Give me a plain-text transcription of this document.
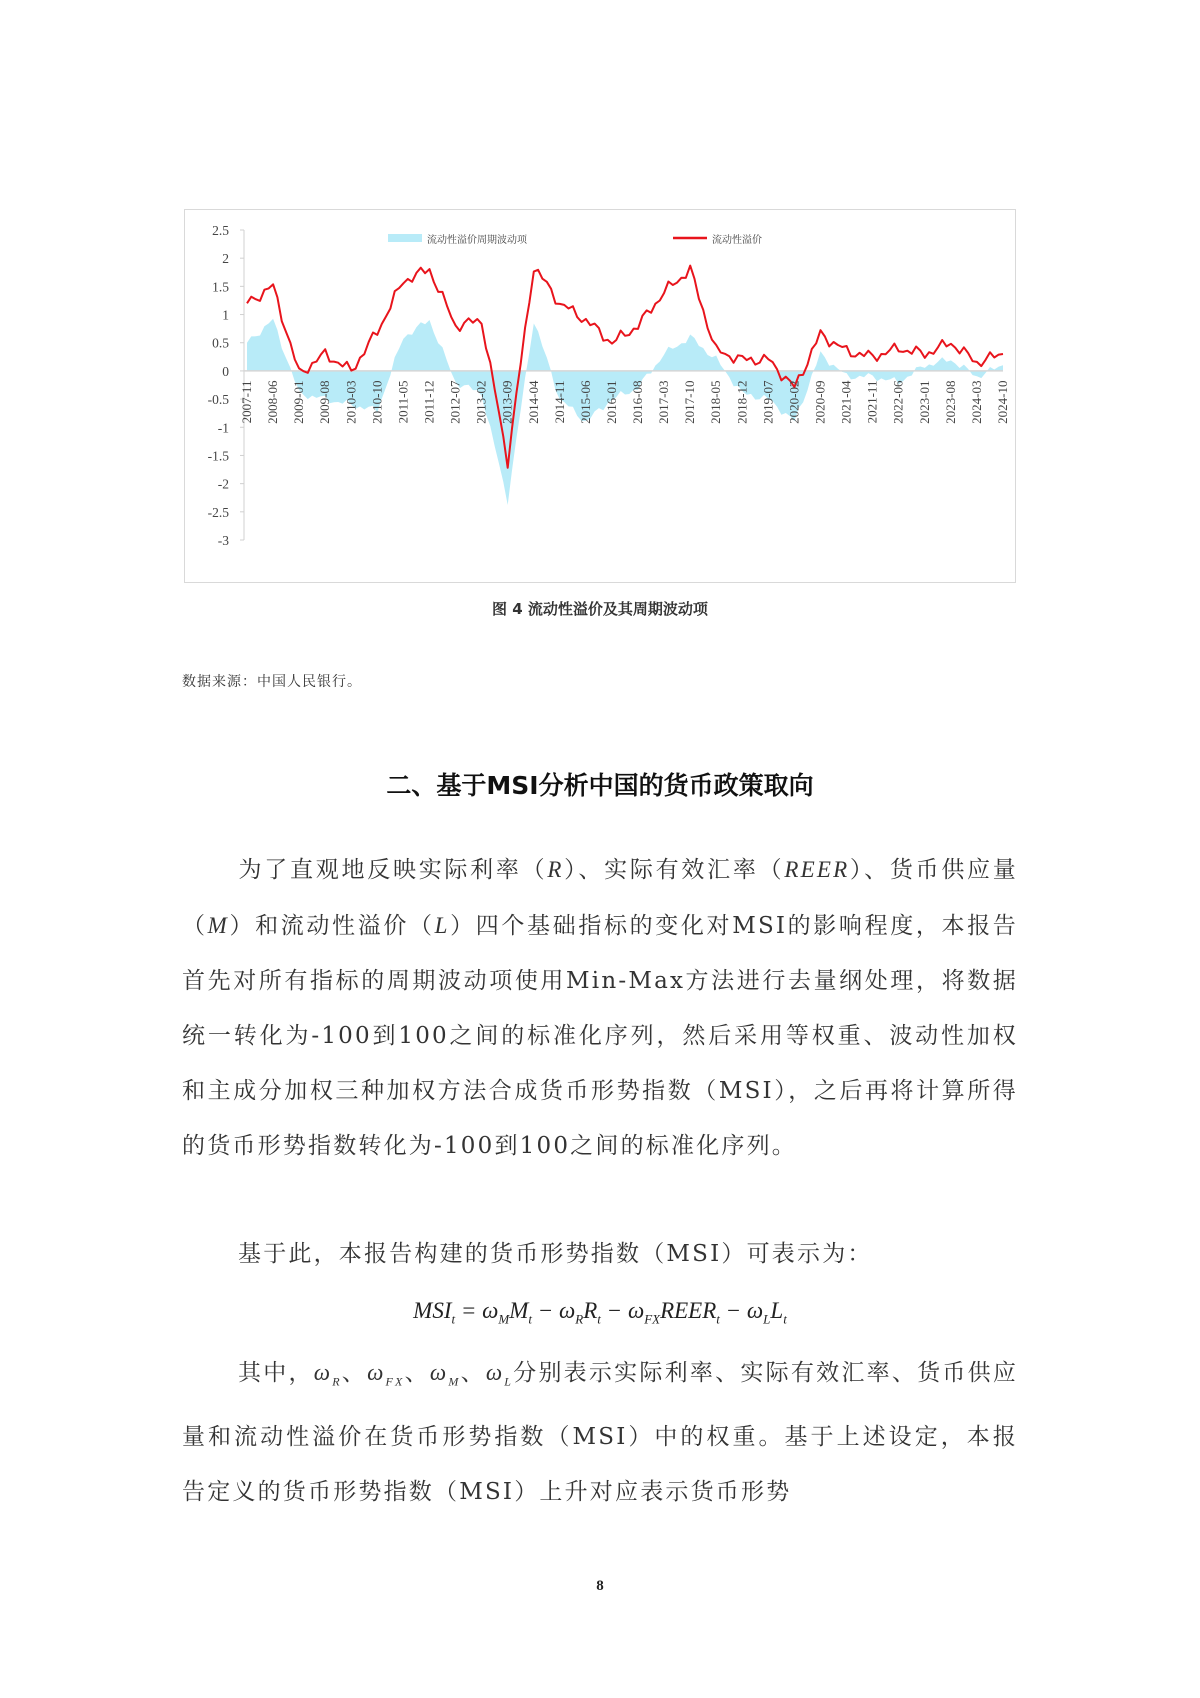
2.5
2
1.5
1
0.5
0
-0.5
-1
-1.5
-2
-2.5
-3
2007-11 2008-06 2009-01 2009-08 2010-03 2010-10 2011-05 2011-12 2012-07 2013-02 2013-09 2014-04 2014-11 2015-06 2016-01 2016-08 2017-03 2017-10 2018-05 2018-12 2019-07 2020-02 2020-09 2021-04 2021-11 2022-06 2023-01 2023-08 2024-03 2024-10
流动性溢价周期波动项	流动性溢价
图 4 流动性溢价及其周期波动项
数据来源：中国人民银行。
二、基于MSI分析中国的货币政策取向
为了直观地反映实际利率（R）、实际有效汇率（REER）、货币供应量（M）和流动性溢价（L）四个基础指标的变化对MSI的影响程度，本报告首先对所有指标的周期波动项使用Min-Max方法进行去量纲处理，将数据统一转化为-100到100之间的标准化序列，然后采用等权重、波动性加权和主成分加权三种加权方法合成货币形势指数（MSI），之后再将计算所得的货币形势指数转化为-100到100之间的标准化序列。
基于此，本报告构建的货币形势指数（MSI）可表示为：
$MSI_t = \omega_MM_t - \omega_RR_t$ − $\omega_{FX}REER_t - \omega_LL_t$
其中，$\omega_R$、$\omega_{FX}$、$\omega_M$、$\omega_L$分别表示实际利率、实际有效汇率、货币供应量和流动性溢价在货币形势指数（MSI）中的权重。基于上述设定，本报告定义的货币形势指数（MSI）上升对应表示货币形势
8
